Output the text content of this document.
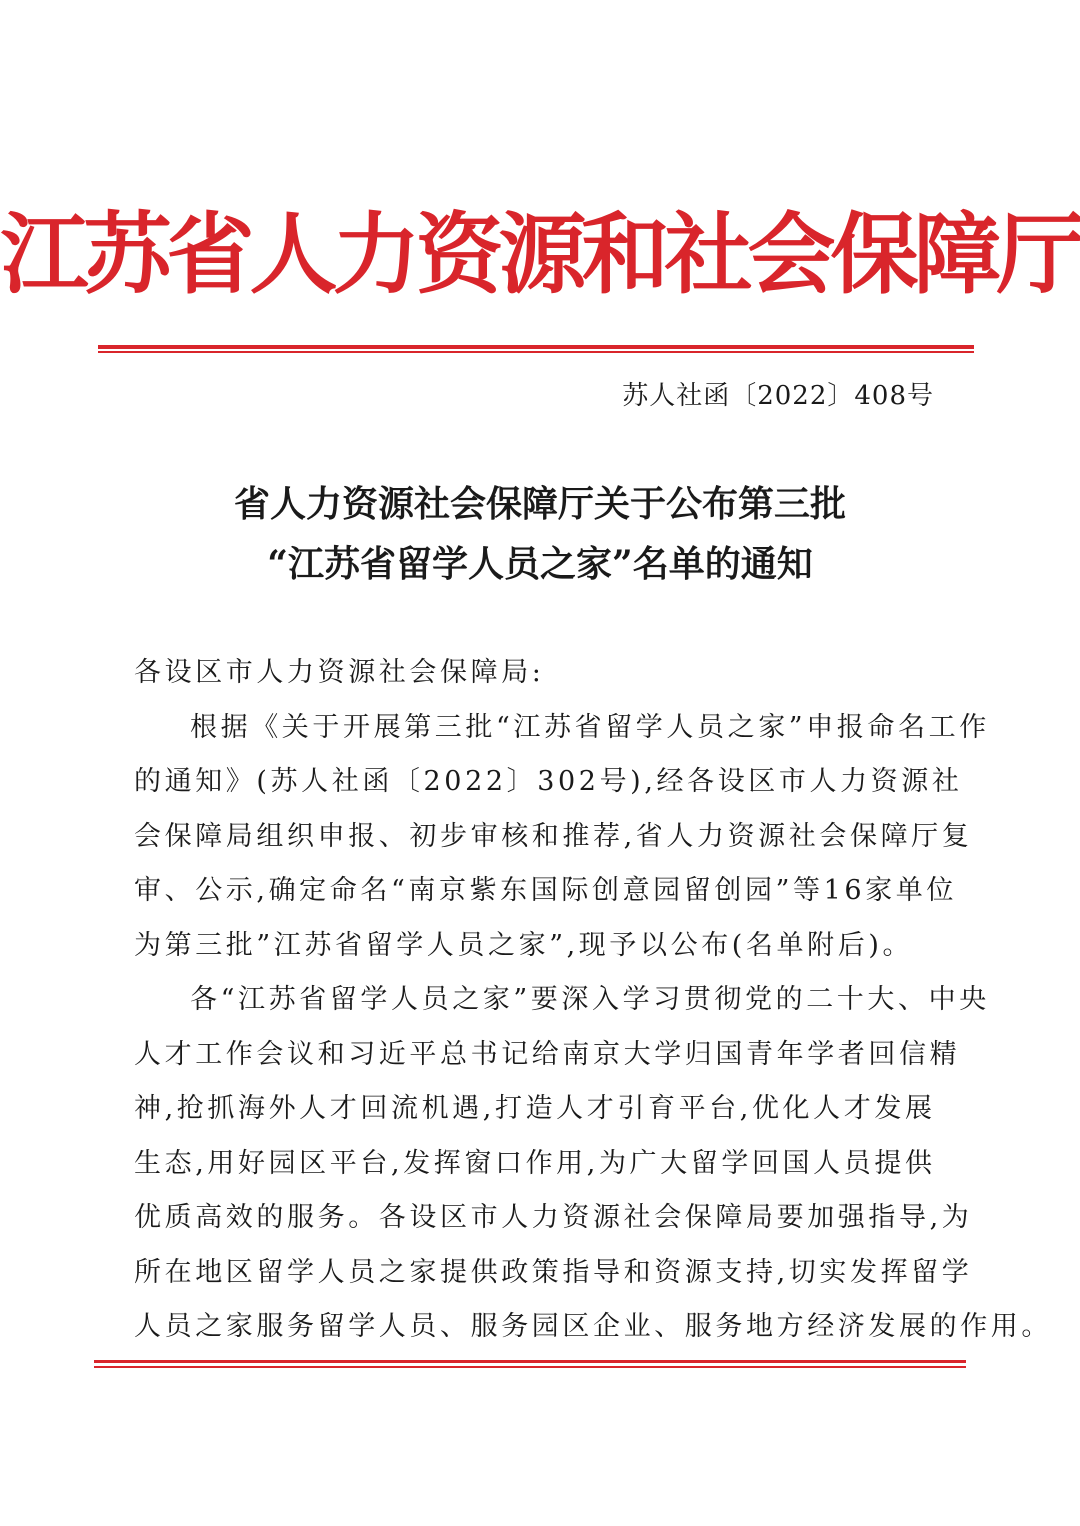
江苏省人力资源和社会保障厅
苏人社函〔2022〕408号
省人力资源社会保障厅关于公布第三批
“江苏省留学人员之家”名单的通知
各设区市人力资源社会保障局:
根据《关于开展第三批“江苏省留学人员之家”申报命名工作
的通知》(苏人社函〔2022〕302号),经各设区市人力资源社
会保障局组织申报、初步审核和推荐,省人力资源社会保障厅复
审、公示,确定命名“南京紫东国际创意园留创园”等16家单位
为第三批”江苏省留学人员之家”,现予以公布(名单附后)。
各“江苏省留学人员之家”要深入学习贯彻党的二十大、中央
人才工作会议和习近平总书记给南京大学归国青年学者回信精
神,抢抓海外人才回流机遇,打造人才引育平台,优化人才发展
生态,用好园区平台,发挥窗口作用,为广大留学回国人员提供
优质高效的服务。各设区市人力资源社会保障局要加强指导,为
所在地区留学人员之家提供政策指导和资源支持,切实发挥留学
人员之家服务留学人员、服务园区企业、服务地方经济发展的作用。
